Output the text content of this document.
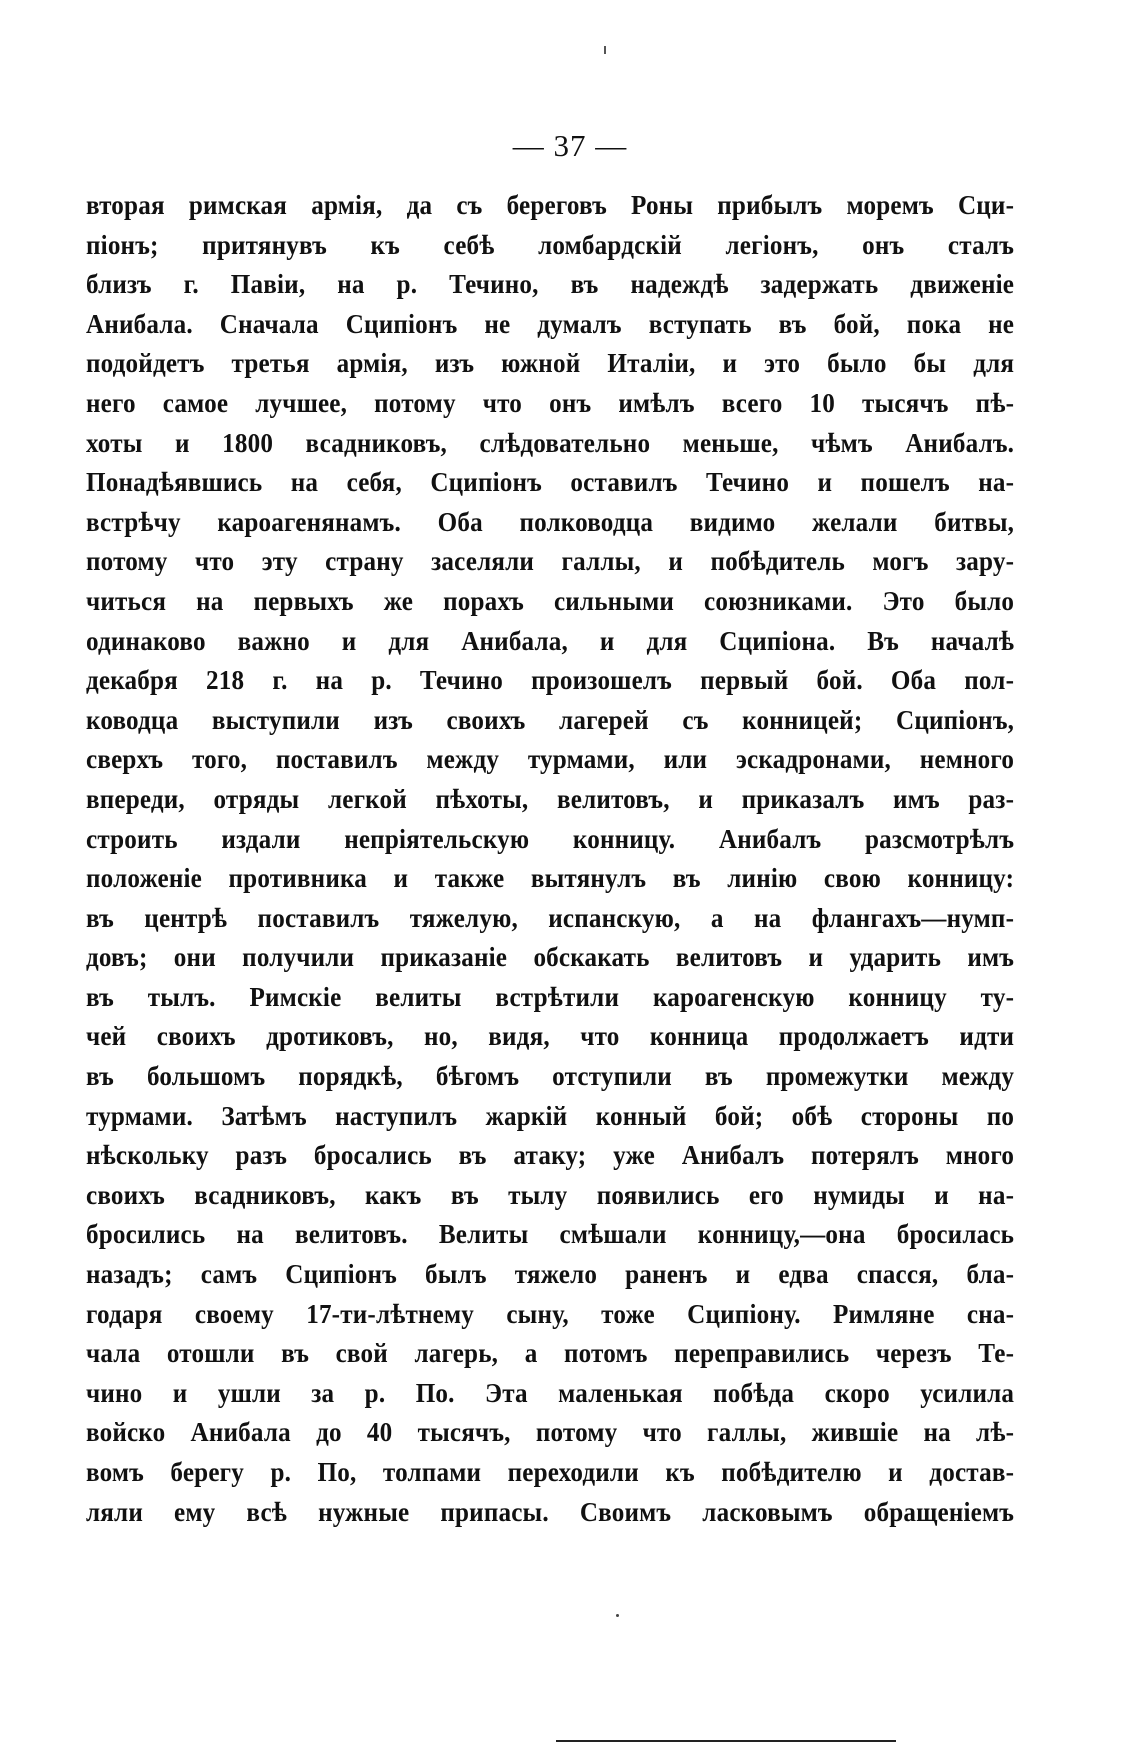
— 37 —
вторая римская армія, да съ береговъ Роны прибылъ моремъ Сци-
піонъ; притянувъ къ себѣ ломбардскій легіонъ, онъ сталъ
близъ г. Павіи, на р. Течино, въ надеждѣ задержать движеніе
Анибала. Сначала Сципіонъ не думалъ вступать въ бой, пока не
подойдетъ третья армія, изъ южной Италіи, и это было бы для
него самое лучшее, потому что онъ имѣлъ всего 10 тысячъ пѣ-
хоты и 1800 всадниковъ, слѣдовательно меньше, чѣмъ Анибалъ.
Понадѣявшись на себя, Сципіонъ оставилъ Течино и пошелъ на-
встрѣчу кароагенянамъ. Оба полководца видимо желали битвы,
потому что эту страну заселяли галлы, и побѣдитель могъ зару-
читься на первыхъ же порахъ сильными союзниками. Это было
одинаково важно и для Анибала, и для Сципіона. Въ началѣ
декабря 218 г. на р. Течино произошелъ первый бой. Оба пол-
ководца выступили изъ своихъ лагерей съ конницей; Сципіонъ,
сверхъ того, поставилъ между турмами, или эскадронами, немного
впереди, отряды легкой пѣхоты, велитовъ, и приказалъ имъ раз-
строить издали непріятельскую конницу. Анибалъ разсмотрѣлъ
положеніе противника и также вытянулъ въ линію свою конницу:
въ центрѣ поставилъ тяжелую, испанскую, а на флангахъ—нумп-
довъ; они получили приказаніе обскакать велитовъ и ударить имъ
въ тылъ. Римскіе велиты встрѣтили кароагенскую конницу ту-
чей своихъ дротиковъ, но, видя, что конница продолжаетъ идти
въ большомъ порядкѣ, бѣгомъ отступили въ промежутки между
турмами. Затѣмъ наступилъ жаркій конный бой; обѣ стороны по
нѣскольку разъ бросались въ атаку; уже Анибалъ потерялъ много
своихъ всадниковъ, какъ въ тылу появились его нумиды и на-
бросились на велитовъ. Велиты смѣшали конницу,—она бросилась
назадъ; самъ Сципіонъ былъ тяжело раненъ и едва спасся, бла-
годаря своему 17-ти-лѣтнему сыну, тоже Сципіону. Римляне сна-
чала отошли въ свой лагерь, а потомъ переправились черезъ Те-
чино и ушли за р. По. Эта маленькая побѣда скоро усилила
войско Анибала до 40 тысячъ, потому что галлы, жившіе на лѣ-
вомъ берегу р. По, толпами переходили къ побѣдителю и достав-
ляли ему всѣ нужные припасы. Своимъ ласковымъ обращеніемъ
